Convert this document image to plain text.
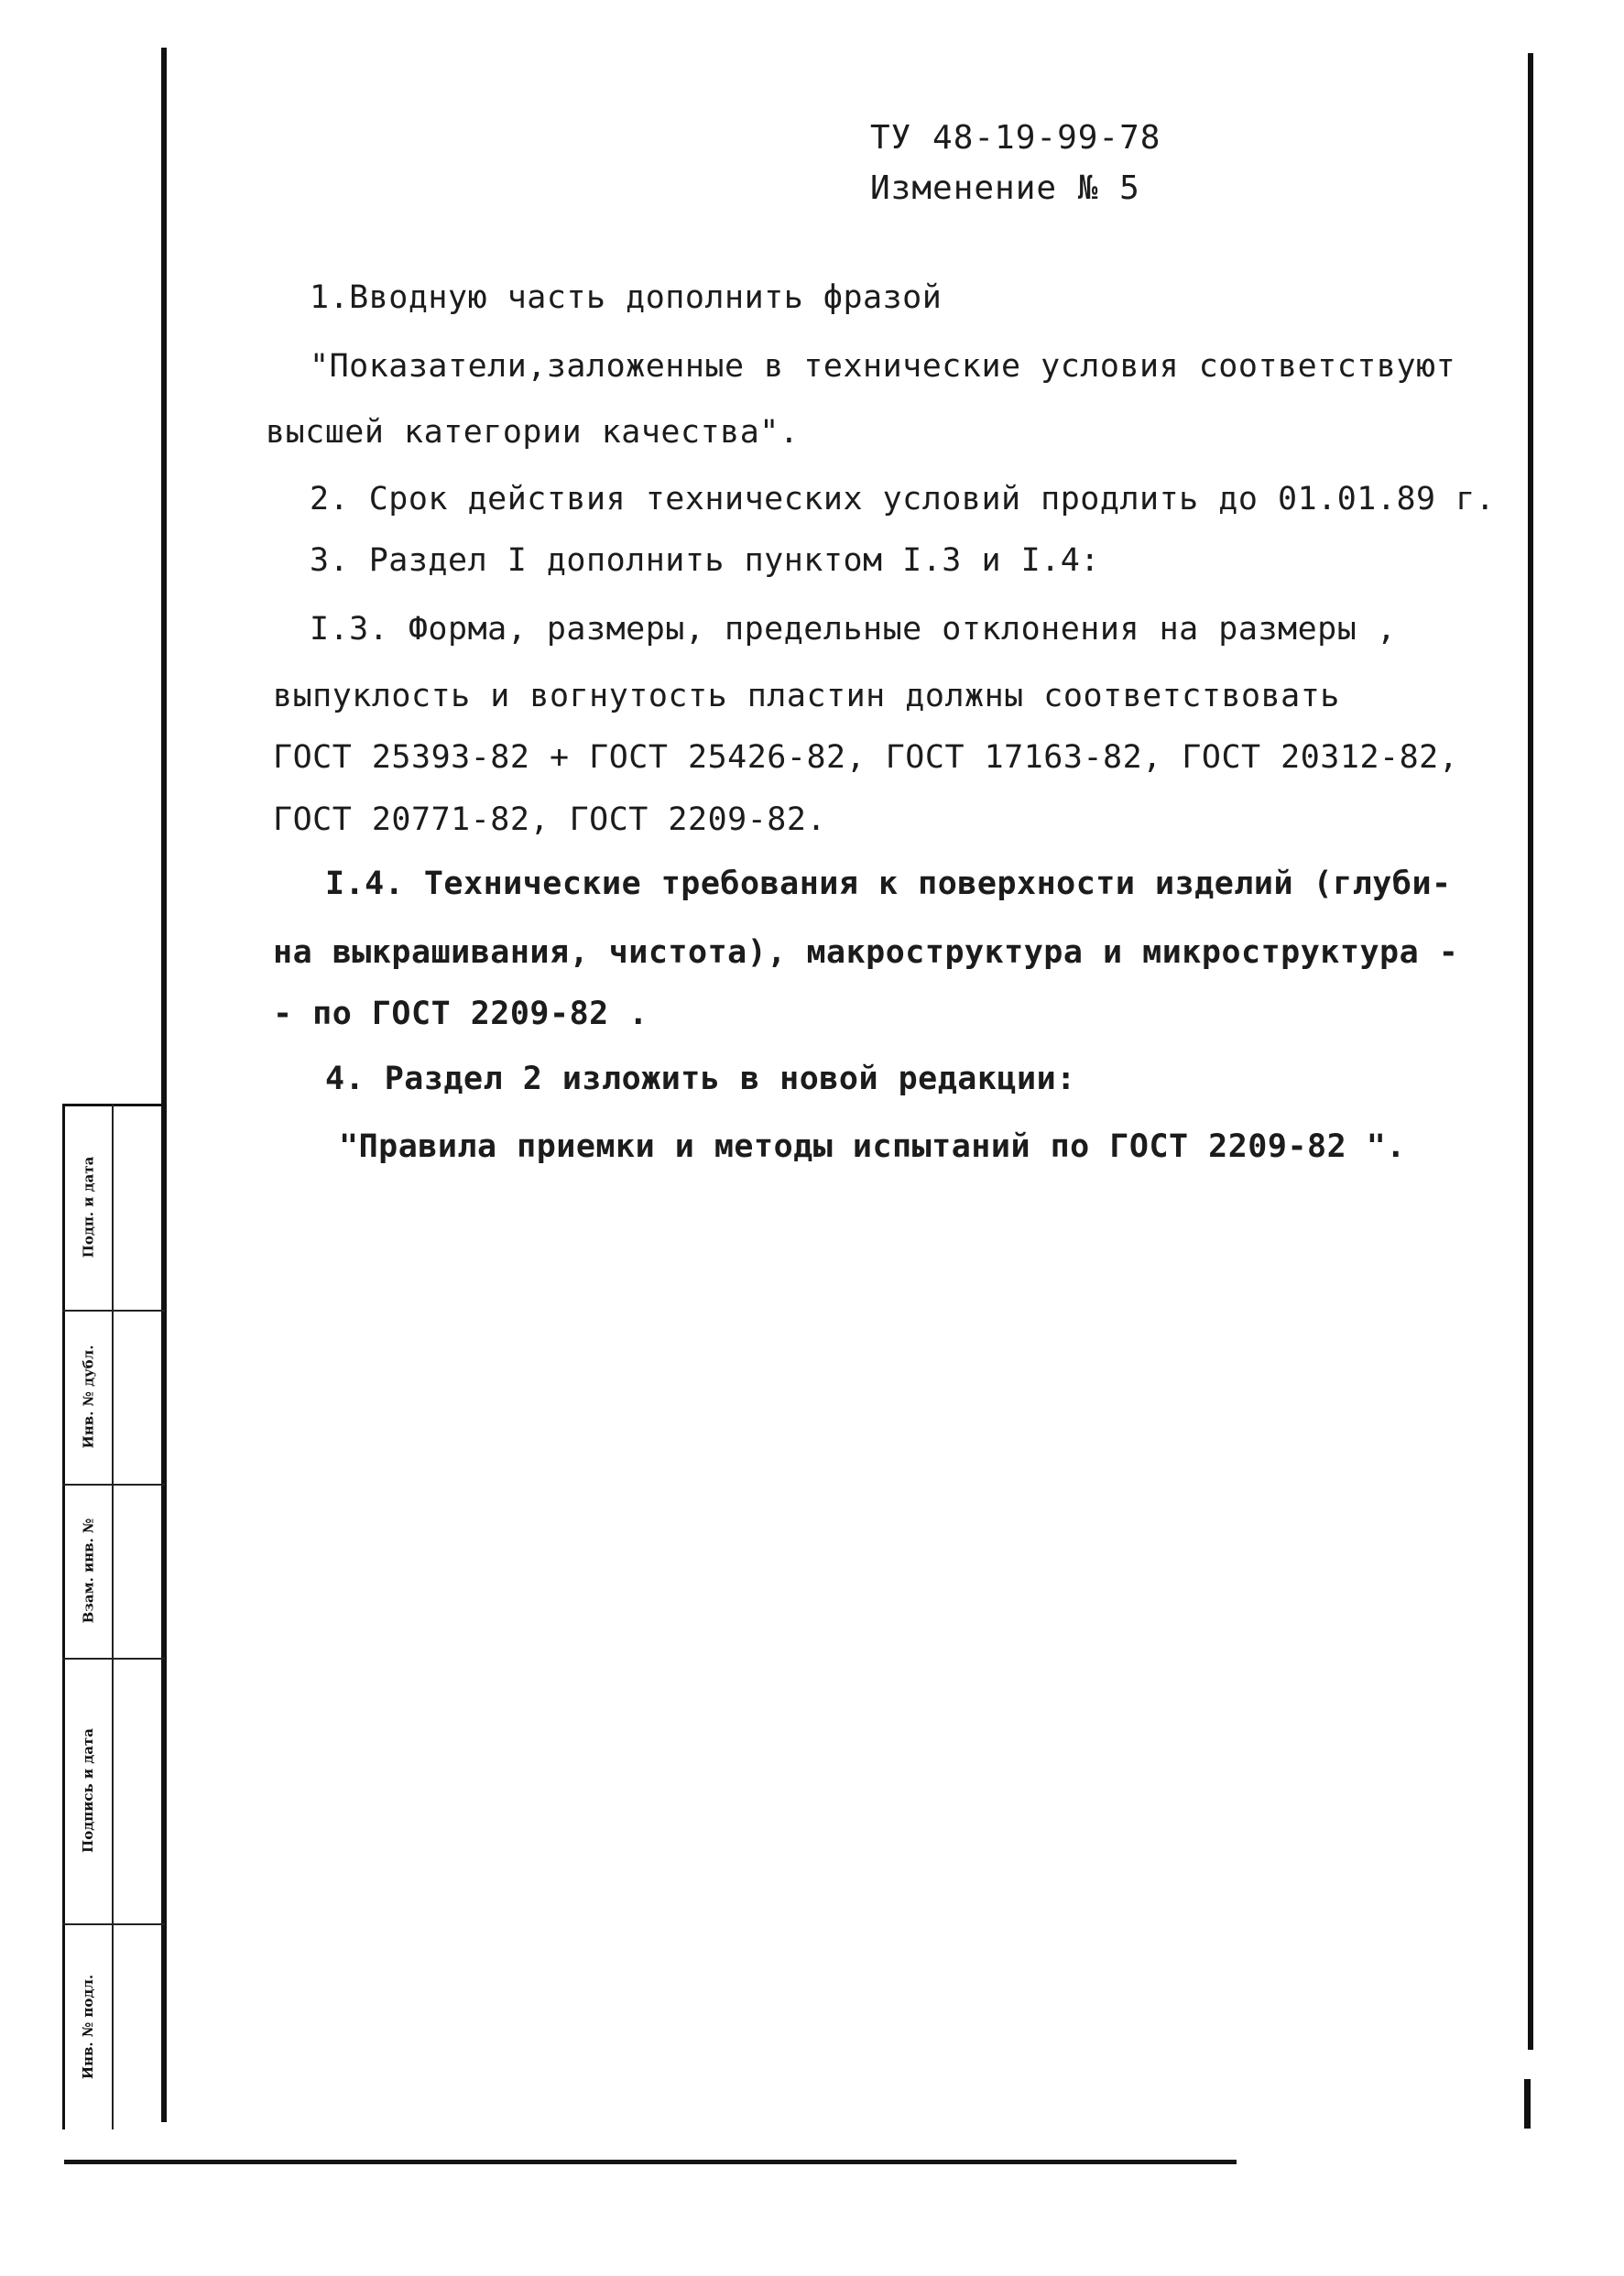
Подп. и дата
Инв. № дубл.
Взам. инв. №
Подпись и дата
Инв. № подл.
ТУ 48-19-99-78
Изменение № 5
1.Вводную часть дополнить фразой
"Показатели,заложенные в технические условия соответствуют
высшей категории качества".
2. Срок действия технических условий продлить до 01.01.89 г.
3. Раздел I дополнить пунктом I.3 и I.4:
I.3. Форма, размеры, предельные отклонения на размеры ,
выпуклость и вогнутость пластин должны соответствовать
ГОСТ 25393-82 + ГОСТ 25426-82, ГОСТ 17163-82, ГОСТ 20312-82,
ГОСТ 20771-82, ГОСТ 2209-82.
I.4. Технические требования к поверхности изделий (глуби-
на выкрашивания, чистота), макроструктура и микроструктура -
- по ГОСТ 2209-82 .
4. Раздел 2 изложить в новой редакции:
"Правила приемки и методы испытаний по ГОСТ 2209-82 ".
